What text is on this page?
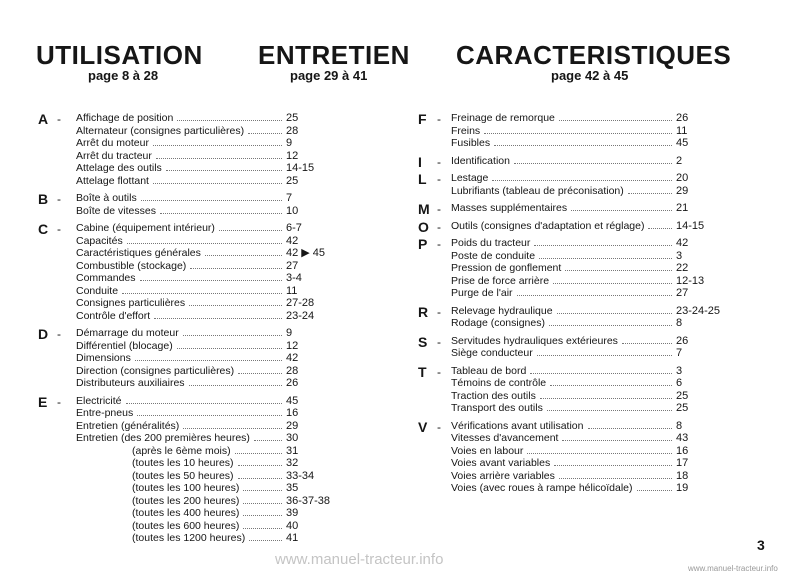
UTILISATION
page 8 à 28
ENTRETIEN
page 29 à 41
CARACTERISTIQUES
page 42 à 45
A - Affichage de position	25
Alternateur (consignes particulières)	28
Arrêt du moteur	9
Arrêt du tracteur	12
Attelage des outils	14-15
Attelage flottant	25
B - Boîte à outils	7
Boîte de vitesses	10
C - Cabine (équipement intérieur)	6-7
Capacités	42
Caractéristiques générales	42 ▶ 45
Combustible (stockage)	27
Commandes	3-4
Conduite	11
Consignes particulières	27-28
Contrôle d'effort	23-24
D - Démarrage du moteur	9
Différentiel (blocage)	12
Dimensions	42
Direction (consignes particulières)	28
Distributeurs auxiliaires	26
E - Electricité	45
Entre-pneus	16
Entretien (généralités)	29
Entretien (des 200 premières heures)	30
(après le 6ème mois)	31
(toutes les 10 heures)	32
(toutes les 50 heures)	33-34
(toutes les 100 heures)	35
(toutes les 200 heures)	36-37-38
(toutes les 400 heures)	39
(toutes les 600 heures)	40
(toutes les 1200 heures)	41
F - Freinage de remorque	26
Freins	11
Fusibles	45
I - Identification	2
L - Lestage	20
Lubrifiants (tableau de préconisation)	29
M - Masses supplémentaires	21
O - Outils (consignes d'adaptation et réglage)	14-15
P - Poids du tracteur	42
Poste de conduite	3
Pression de gonflement	22
Prise de force arrière	12-13
Purge de l'air	27
R - Relevage hydraulique	23-24-25
Rodage (consignes)	8
S - Servitudes hydrauliques extérieures	26
Siège conducteur	7
T - Tableau de bord	3
Témoins de contrôle	6
Traction des outils	25
Transport des outils	25
V - Vérifications avant utilisation	8
Vitesses d'avancement	43
Voies en labour	16
Voies avant variables	17
Voies arrière variables	18
Voies (avec roues à rampe hélicoïdale)	19
www.manuel-tracteur.info
www.manuel-tracteur.info
3
